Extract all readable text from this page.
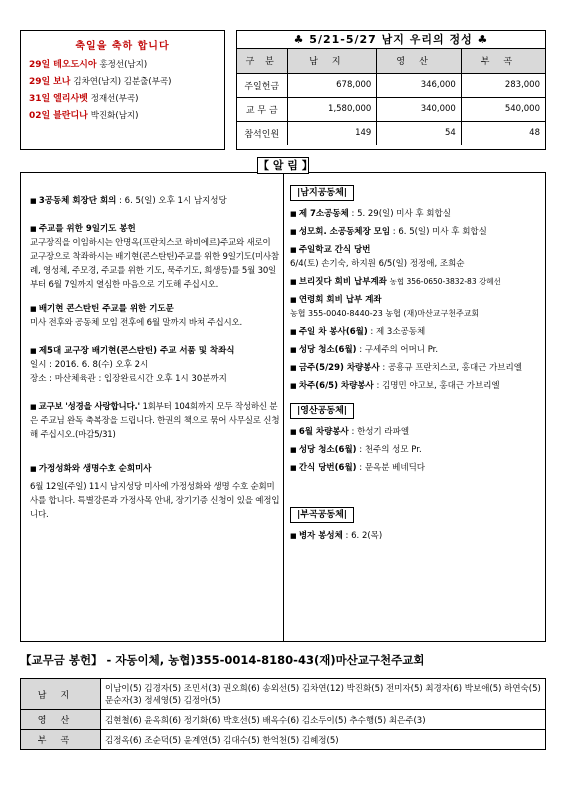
축일을 축하 합니다
29일 테오도시아 홍정선(남지)
29일 보나 김차연(남지) 김분출(부곡)
31일 엘리사벳 정재선(부곡)
02일 블란디나 박진화(남지)
♣ 5/21-5/27 남지 우리의 정성 ♣
구 분	남지	영산	부곡
주일헌금	678,000	346,000	283,000
교 무 금	1,580,000	340,000	540,000
참석인원	149	54	48
【 알 림 】
■ 3공동체 회장단 회의 : 6. 5(일) 오후 1시 남지성당
■ 주교를 위한 9일기도 봉헌
교구장직을 이임하시는 안명옥(프란치스코 하비에르)주교와 새로이 교구장으로 착좌하시는 배기현(콘스탄틴)주교를 위한 9일기도(미사참례, 영성체, 주모경, 주교를 위한 기도, 묵주기도, 희생등)를 5월 30일 부터 6월 7일까지 열심한 마음으로 기도해 주십시오.
■ 배기현 콘스탄틴 주교를 위한 기도문
미사 전후와 공동체 모임 전후에 6월 말까지 바쳐 주십시오.
■ 제5대 교구장 배기현(콘스탄틴) 주교 서품 및 착좌식
일시 : 2016. 6. 8(수) 오후 2시
장소 : 마산체육관 : 입장완료시간 오후 1시 30분까지
■ 교구보 '성경을 사랑합니다.' 1회부터 104회까지 모두 작성하신 분은 주교님 완독 축복장을 드립니다. 한권의 책으로 묶어 사무실로 신청해 주십시오.(마감5/31)
■ 가정성화와 생명수호 순회미사
6월 12일(주일) 11시 남지성당 미사에 가정성화와 생명 수호 순회미사를 합니다. 특별강론과 가정사목 안내, 장기기증 신청이 있을 예정입니다.
|남지공동체|
■ 제 7소공동체 : 5. 29(일) 미사 후 회합실
■ 성모회. 소공동체장 모임 : 6. 5(일) 미사 후 회합실
■ 주일학교 간식 당번
6/4(토) 손기숙, 하지원 6/5(일) 정정애, 조희순
■ 브리짓다 회비 납부계좌 농협 356-0650-3832-83 강혜선
■ 연령회 회비 납부 계좌
농협 355-0040-8440-23 농협 (재)마산교구천주교회
■ 주일 차 봉사(6월) : 제 3소공동체
■ 성당 청소(6월) : 구세주의 어머니 Pr.
■ 금주(5/29) 차량봉사 : 공흥규 프란치스코, 홍대근 가브리엘
■ 차주(6/5) 차량봉사 : 김명민 야고보, 홍대근 가브리엘
|영산공동체|
■ 6월 차량봉사 : 한성기 라파엘
■ 성당 청소(6월) : 천주의 성모 Pr.
■ 간식 당번(6월) : 문옥분 베네딕다
|부곡공동체|
■ 병자 봉성체 : 6. 2(목)
【교무금 봉헌】 - 자동이체, 농협)355-0014-8180-43(재)마산교구천주교회
남지	이남이(5) 김경자(5) 조민서(3) 권오희(6) 송외선(5) 김차연(12) 박진화(5) 전미자(5) 최경자(6) 박보애(5) 하연숙(5) 문순자(3) 정세영(5) 김정아(5)
영산	김현철(6) 윤옥희(6) 정기화(6) 박호선(5) 배옥수(6) 김소두이(5) 추수행(5) 최은주(3)
부곡	김정옥(6) 조순덕(5) 윤계연(5) 김대수(5) 한억천(5) 김혜정(5)
